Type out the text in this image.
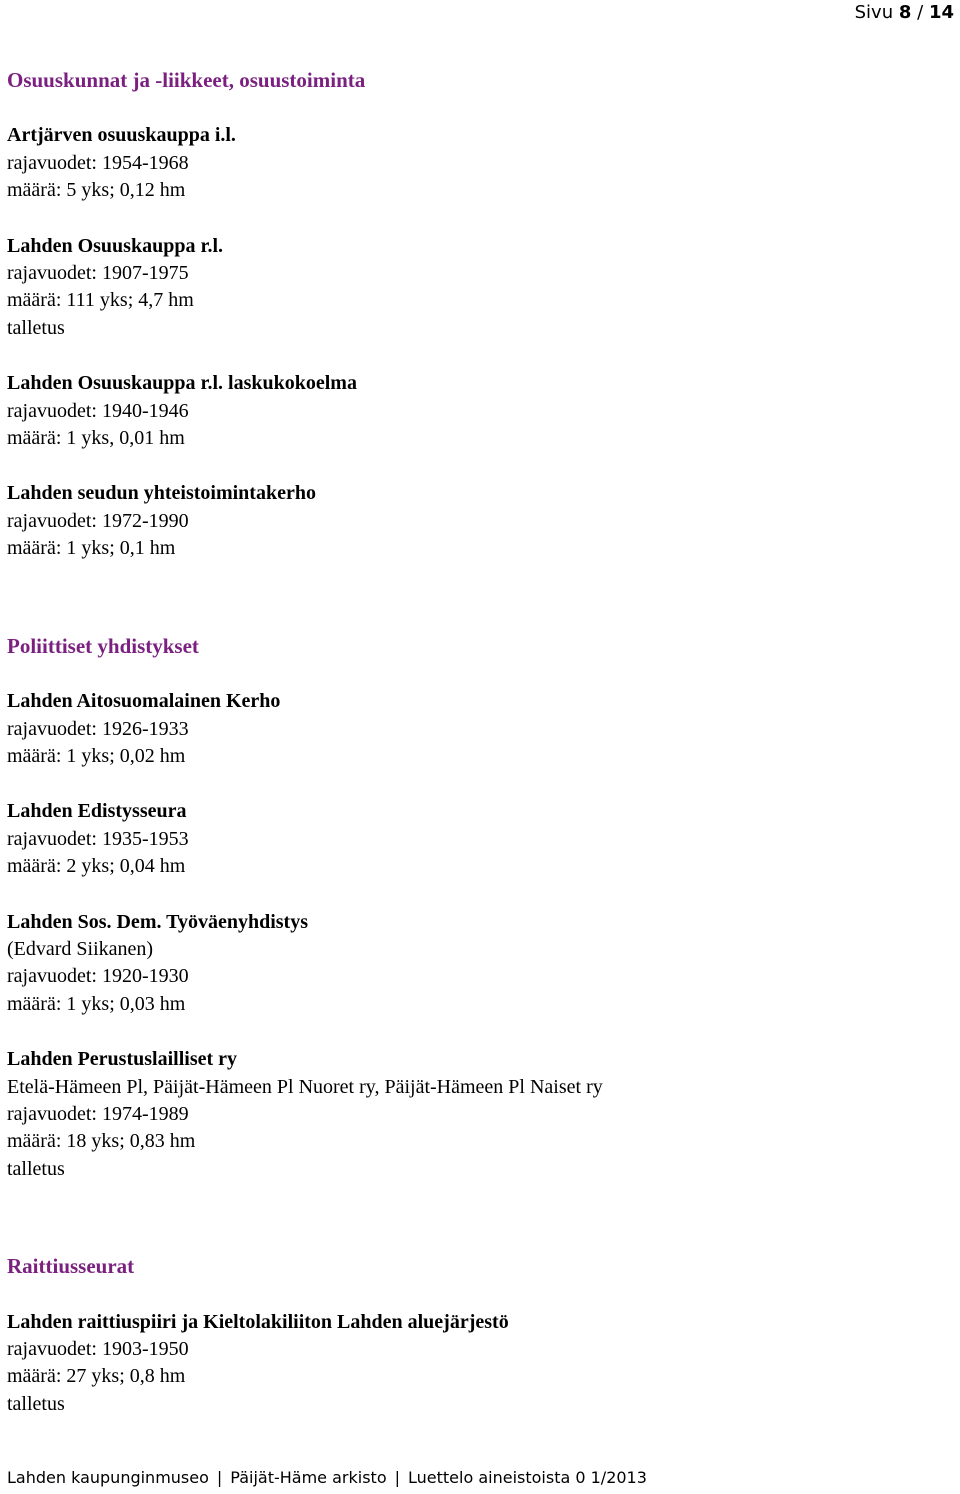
Sivu 8 / 14
Osuuskunnat ja -liikkeet, osuustoiminta
Artjärven osuuskauppa i.l.
rajavuodet: 1954-1968
määrä: 5 yks; 0,12 hm
Lahden Osuuskauppa r.l.
rajavuodet: 1907-1975
määrä: 111 yks; 4,7 hm
talletus
Lahden Osuuskauppa r.l. laskukokoelma
rajavuodet: 1940-1946
määrä: 1 yks, 0,01 hm
Lahden seudun yhteistoimintakerho
rajavuodet: 1972-1990
määrä: 1 yks; 0,1 hm
Poliittiset yhdistykset
Lahden Aitosuomalainen Kerho
rajavuodet: 1926-1933
määrä: 1 yks; 0,02 hm
Lahden Edistysseura
rajavuodet: 1935-1953
määrä: 2 yks; 0,04 hm
Lahden Sos. Dem. Työväenyhdistys
(Edvard Siikanen)
rajavuodet: 1920-1930
määrä: 1 yks; 0,03 hm
Lahden Perustuslailliset ry
Etelä-Hämeen Pl, Päijät-Hämeen Pl Nuoret ry, Päijät-Hämeen Pl Naiset ry
rajavuodet: 1974-1989
määrä: 18 yks; 0,83 hm
talletus
Raittiusseurat
Lahden raittiuspiiri ja Kieltolakiliiton Lahden aluejärjestö
rajavuodet: 1903-1950
määrä: 27 yks; 0,8 hm
talletus
Lahden kaupunginmuseo | Päijät-Häme arkisto | Luettelo aineistoista 0 1/2013
